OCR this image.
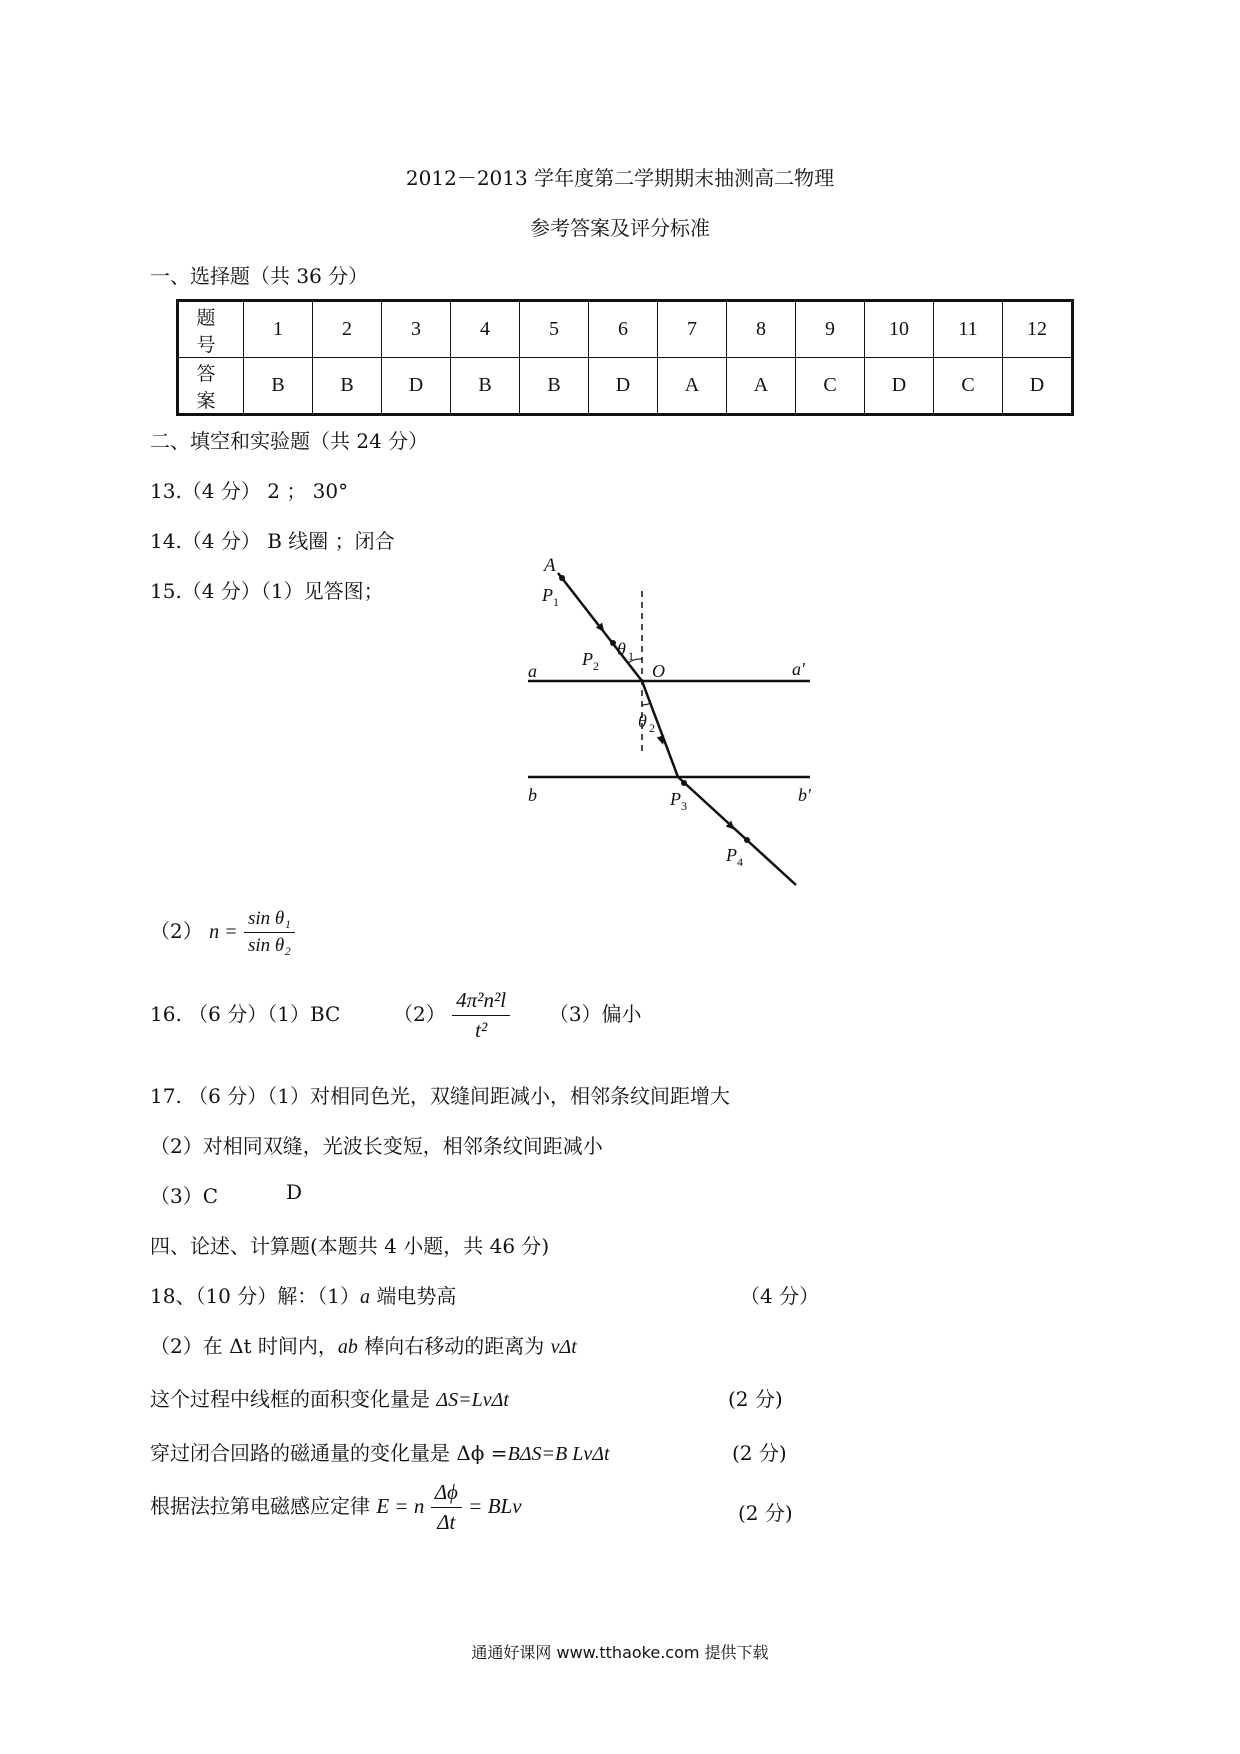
2012－2013 学年度第二学期期末抽测高二物理
参考答案及评分标准
一、选择题（共 36 分）
题 号	1	2	3	4	5	6	7	8	9	10	11	12
答 案	B	B	D	B	B	D	A	A	C	D	C	D
二、填空和实验题（共 24 分）
13.（4 分） 2 ； 30°
14.（4 分） B 线圈 ；闭合
15.（4 分）（1）见答图；
A
P 1
P 2
θ 1
O
a	a′
θ 2
b	b′
P 3
P 4
（2） $n = \frac{\text{sin θ₁}}{\text{sin θ₂}}$
16. （6 分）（1）BC	$(2) \frac{\text{4π²n²l}}{\text{t²}} (3)$偏小
17. （6 分）（1）对相同色光，双缝间距减小，相邻条纹间距增大
（2）对相同双缝，光波长变短，相邻条纹间距减小
（3）C	D
四、论述、计算题(本题共 4 小题，共 46 分)
18、（10 分）解：（1）a 端电势高	（4 分）
（2）在 Δt 时间内，ab 棒向右移动的距离为 vΔt
这个过程中线框的面积变化量是 ΔS=LvΔt	(2 分)
穿过闭合回路的磁通量的变化量是 Δϕ =BΔS=B LvΔt	(2 分)
根据法拉第电磁感应定律 E = n $\frac{\Delta\phi}{\Delta t}$ = BLv	(2 分)
通通好课网 www.tthaoke.com 提供下载
